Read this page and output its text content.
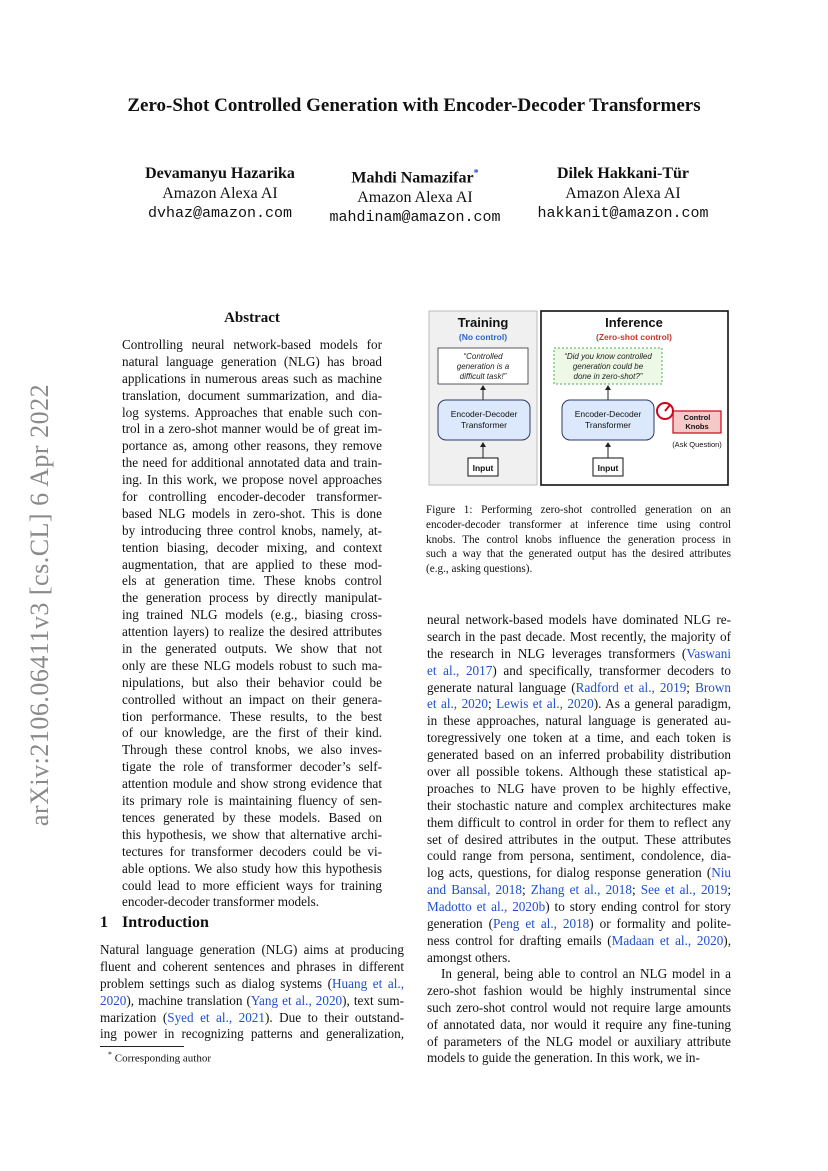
arXiv:2106.06411v3 [cs.CL] 6 Apr 2022
Zero-Shot Controlled Generation with Encoder-Decoder Transformers
Devamanyu Hazarika
Amazon Alexa AI
dvhaz@amazon.com
Mahdi Namazifar*
Amazon Alexa AI
mahdinam@amazon.com
Dilek Hakkani-Tür
Amazon Alexa AI
hakkanit@amazon.com
Abstract
Controlling neural network-based models for
natural language generation (NLG) has broad
applications in numerous areas such as machine
translation, document summarization, and dia-
log systems. Approaches that enable such con-
trol in a zero-shot manner would be of great im-
portance as, among other reasons, they remove
the need for additional annotated data and train-
ing. In this work, we propose novel approaches
for controlling encoder-decoder transformer-
based NLG models in zero-shot. This is done
by introducing three control knobs, namely, at-
tention biasing, decoder mixing, and context
augmentation, that are applied to these mod-
els at generation time. These knobs control
the generation process by directly manipulat-
ing trained NLG models (e.g., biasing cross-
attention layers) to realize the desired attributes
in the generated outputs. We show that not
only are these NLG models robust to such ma-
nipulations, but also their behavior could be
controlled without an impact on their genera-
tion performance. These results, to the best
of our knowledge, are the first of their kind.
Through these control knobs, we also inves-
tigate the role of transformer decoder’s self-
attention module and show strong evidence that
its primary role is maintaining fluency of sen-
tences generated by these models. Based on
this hypothesis, we show that alternative archi-
tectures for transformer decoders could be vi-
able options. We also study how this hypothesis
could lead to more efficient ways for training
encoder-decoder transformer models.
1 Introduction
Natural language generation (NLG) aims at producing
fluent and coherent sentences and phrases in different
problem settings such as dialog systems (Huang et al.,
2020), machine translation (Yang et al., 2020), text sum-
marization (Syed et al., 2021). Due to their outstand-
ing power in recognizing patterns and generalization,
* Corresponding author
Training
(No control)
“Controlled
generation is a
difficult task!”
Encoder-Decoder
Transformer
Input
Inference
(Zero-shot control)
“Did you know controlled
generation could be
done in zero-shot?”
Encoder-Decoder
Transformer
Input
Control
Knobs
(Ask Question)
Figure 1: Performing zero-shot controlled generation on an
encoder-decoder transformer at inference time using control
knobs. The control knobs influence the generation process in
such a way that the generated output has the desired attributes
(e.g., asking questions).
neural network-based models have dominated NLG re-
search in the past decade. Most recently, the majority of
the research in NLG leverages transformers (Vaswani
et al., 2017) and specifically, transformer decoders to
generate natural language (Radford et al., 2019; Brown
et al., 2020; Lewis et al., 2020). As a general paradigm,
in these approaches, natural language is generated au-
toregressively one token at a time, and each token is
generated based on an inferred probability distribution
over all possible tokens. Although these statistical ap-
proaches to NLG have proven to be highly effective,
their stochastic nature and complex architectures make
them difficult to control in order for them to reflect any
set of desired attributes in the output. These attributes
could range from persona, sentiment, condolence, dia-
log acts, questions, for dialog response generation (Niu
and Bansal, 2018; Zhang et al., 2018; See et al., 2019;
Madotto et al., 2020b) to story ending control for story
generation (Peng et al., 2018) or formality and polite-
ness control for drafting emails (Madaan et al., 2020),
amongst others.
In general, being able to control an NLG model in a
zero-shot fashion would be highly instrumental since
such zero-shot control would not require large amounts
of annotated data, nor would it require any fine-tuning
of parameters of the NLG model or auxiliary attribute
models to guide the generation. In this work, we in-
